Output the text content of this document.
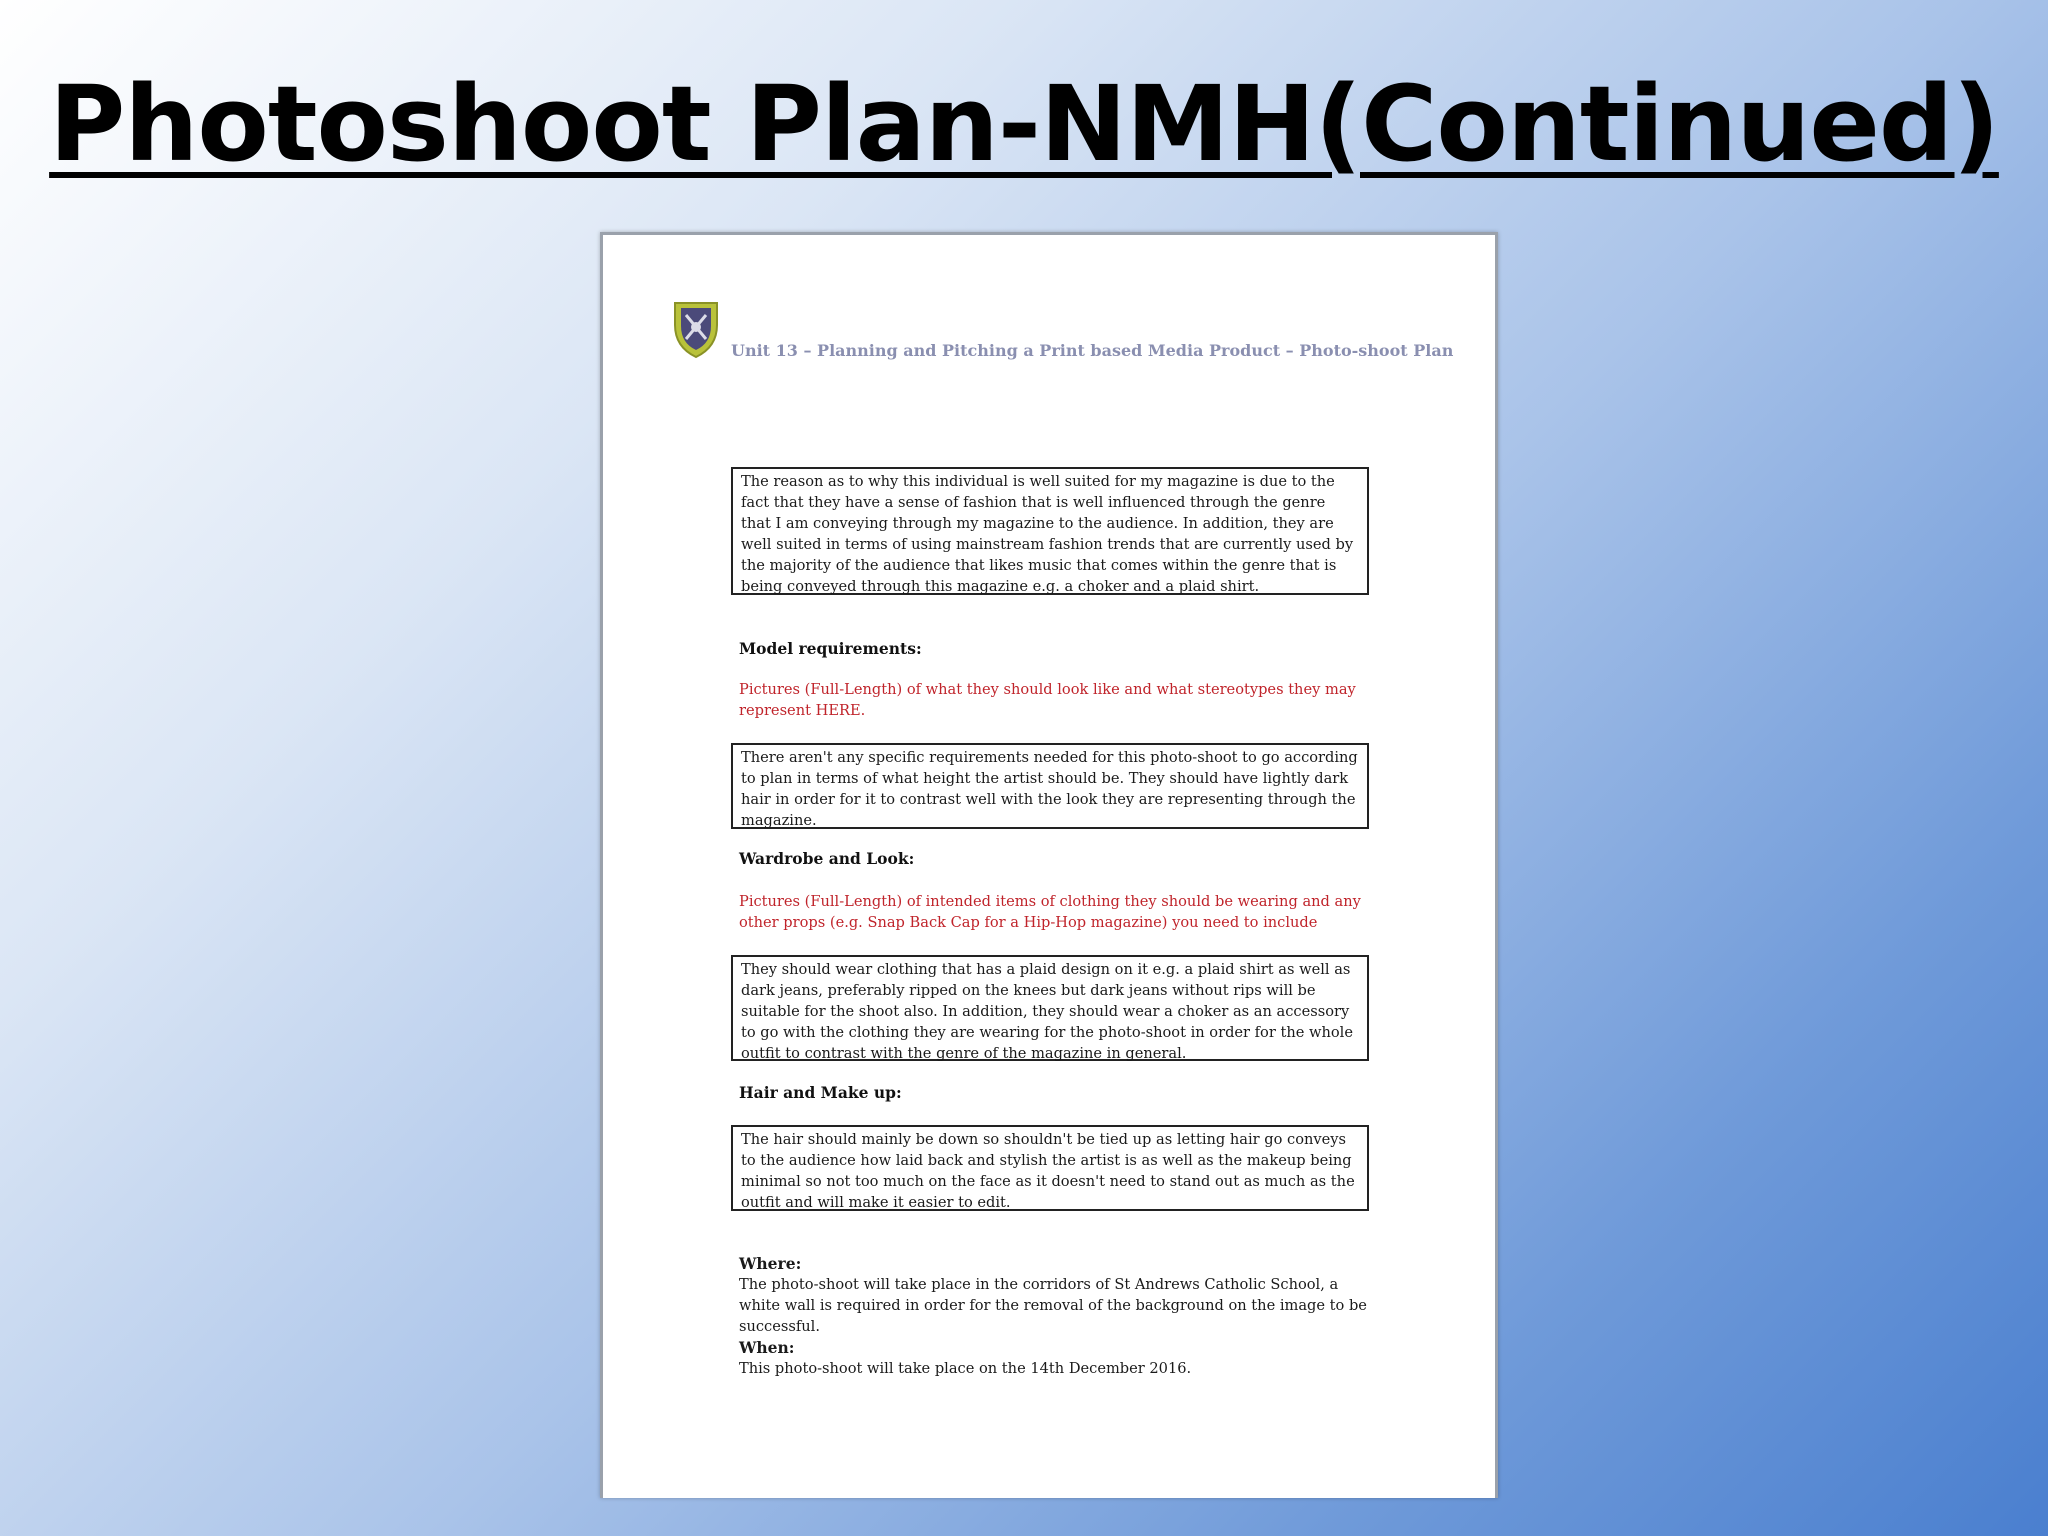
Photoshoot Plan-NMH(Continued)
Unit 13 – Planning and Pitching a Print based Media Product – Photo-shoot Plan
The reason as to why this individual is well suited for my magazine is due to the fact that they have a sense of fashion that is well influenced through the genre that I am conveying through my magazine to the audience. In addition, they are well suited in terms of using mainstream fashion trends that are currently used by the majority of the audience that likes music that comes within the genre that is being conveyed through this magazine e.g. a choker and a plaid shirt.
Model requirements:
Pictures (Full-Length) of what they should look like and what stereotypes they may represent HERE.
There aren't any specific requirements needed for this photo-shoot to go according to plan in terms of what height the artist should be. They should have lightly dark hair in order for it to contrast well with the look they are representing through the magazine.
Wardrobe and Look:
Pictures (Full-Length) of intended items of clothing they should be wearing and any other props (e.g. Snap Back Cap for a Hip-Hop magazine) you need to include
They should wear clothing that has a plaid design on it e.g. a plaid shirt as well as dark jeans, preferably ripped on the knees but dark jeans without rips will be suitable for the shoot also. In addition, they should wear a choker as an accessory to go with the clothing they are wearing for the photo-shoot in order for the whole outfit to contrast with the genre of the magazine in general.
Hair and Make up:
The hair should mainly be down so shouldn't be tied up as letting hair go conveys to the audience how laid back and stylish the artist is as well as the makeup being minimal so not too much on the face as it doesn't need to stand out as much as the outfit and will make it easier to edit.
Where:
The photo-shoot will take place in the corridors of St Andrews Catholic School, a white wall is required in order for the removal of the background on the image to be successful.
When:
This photo-shoot will take place on the 14th December 2016.
